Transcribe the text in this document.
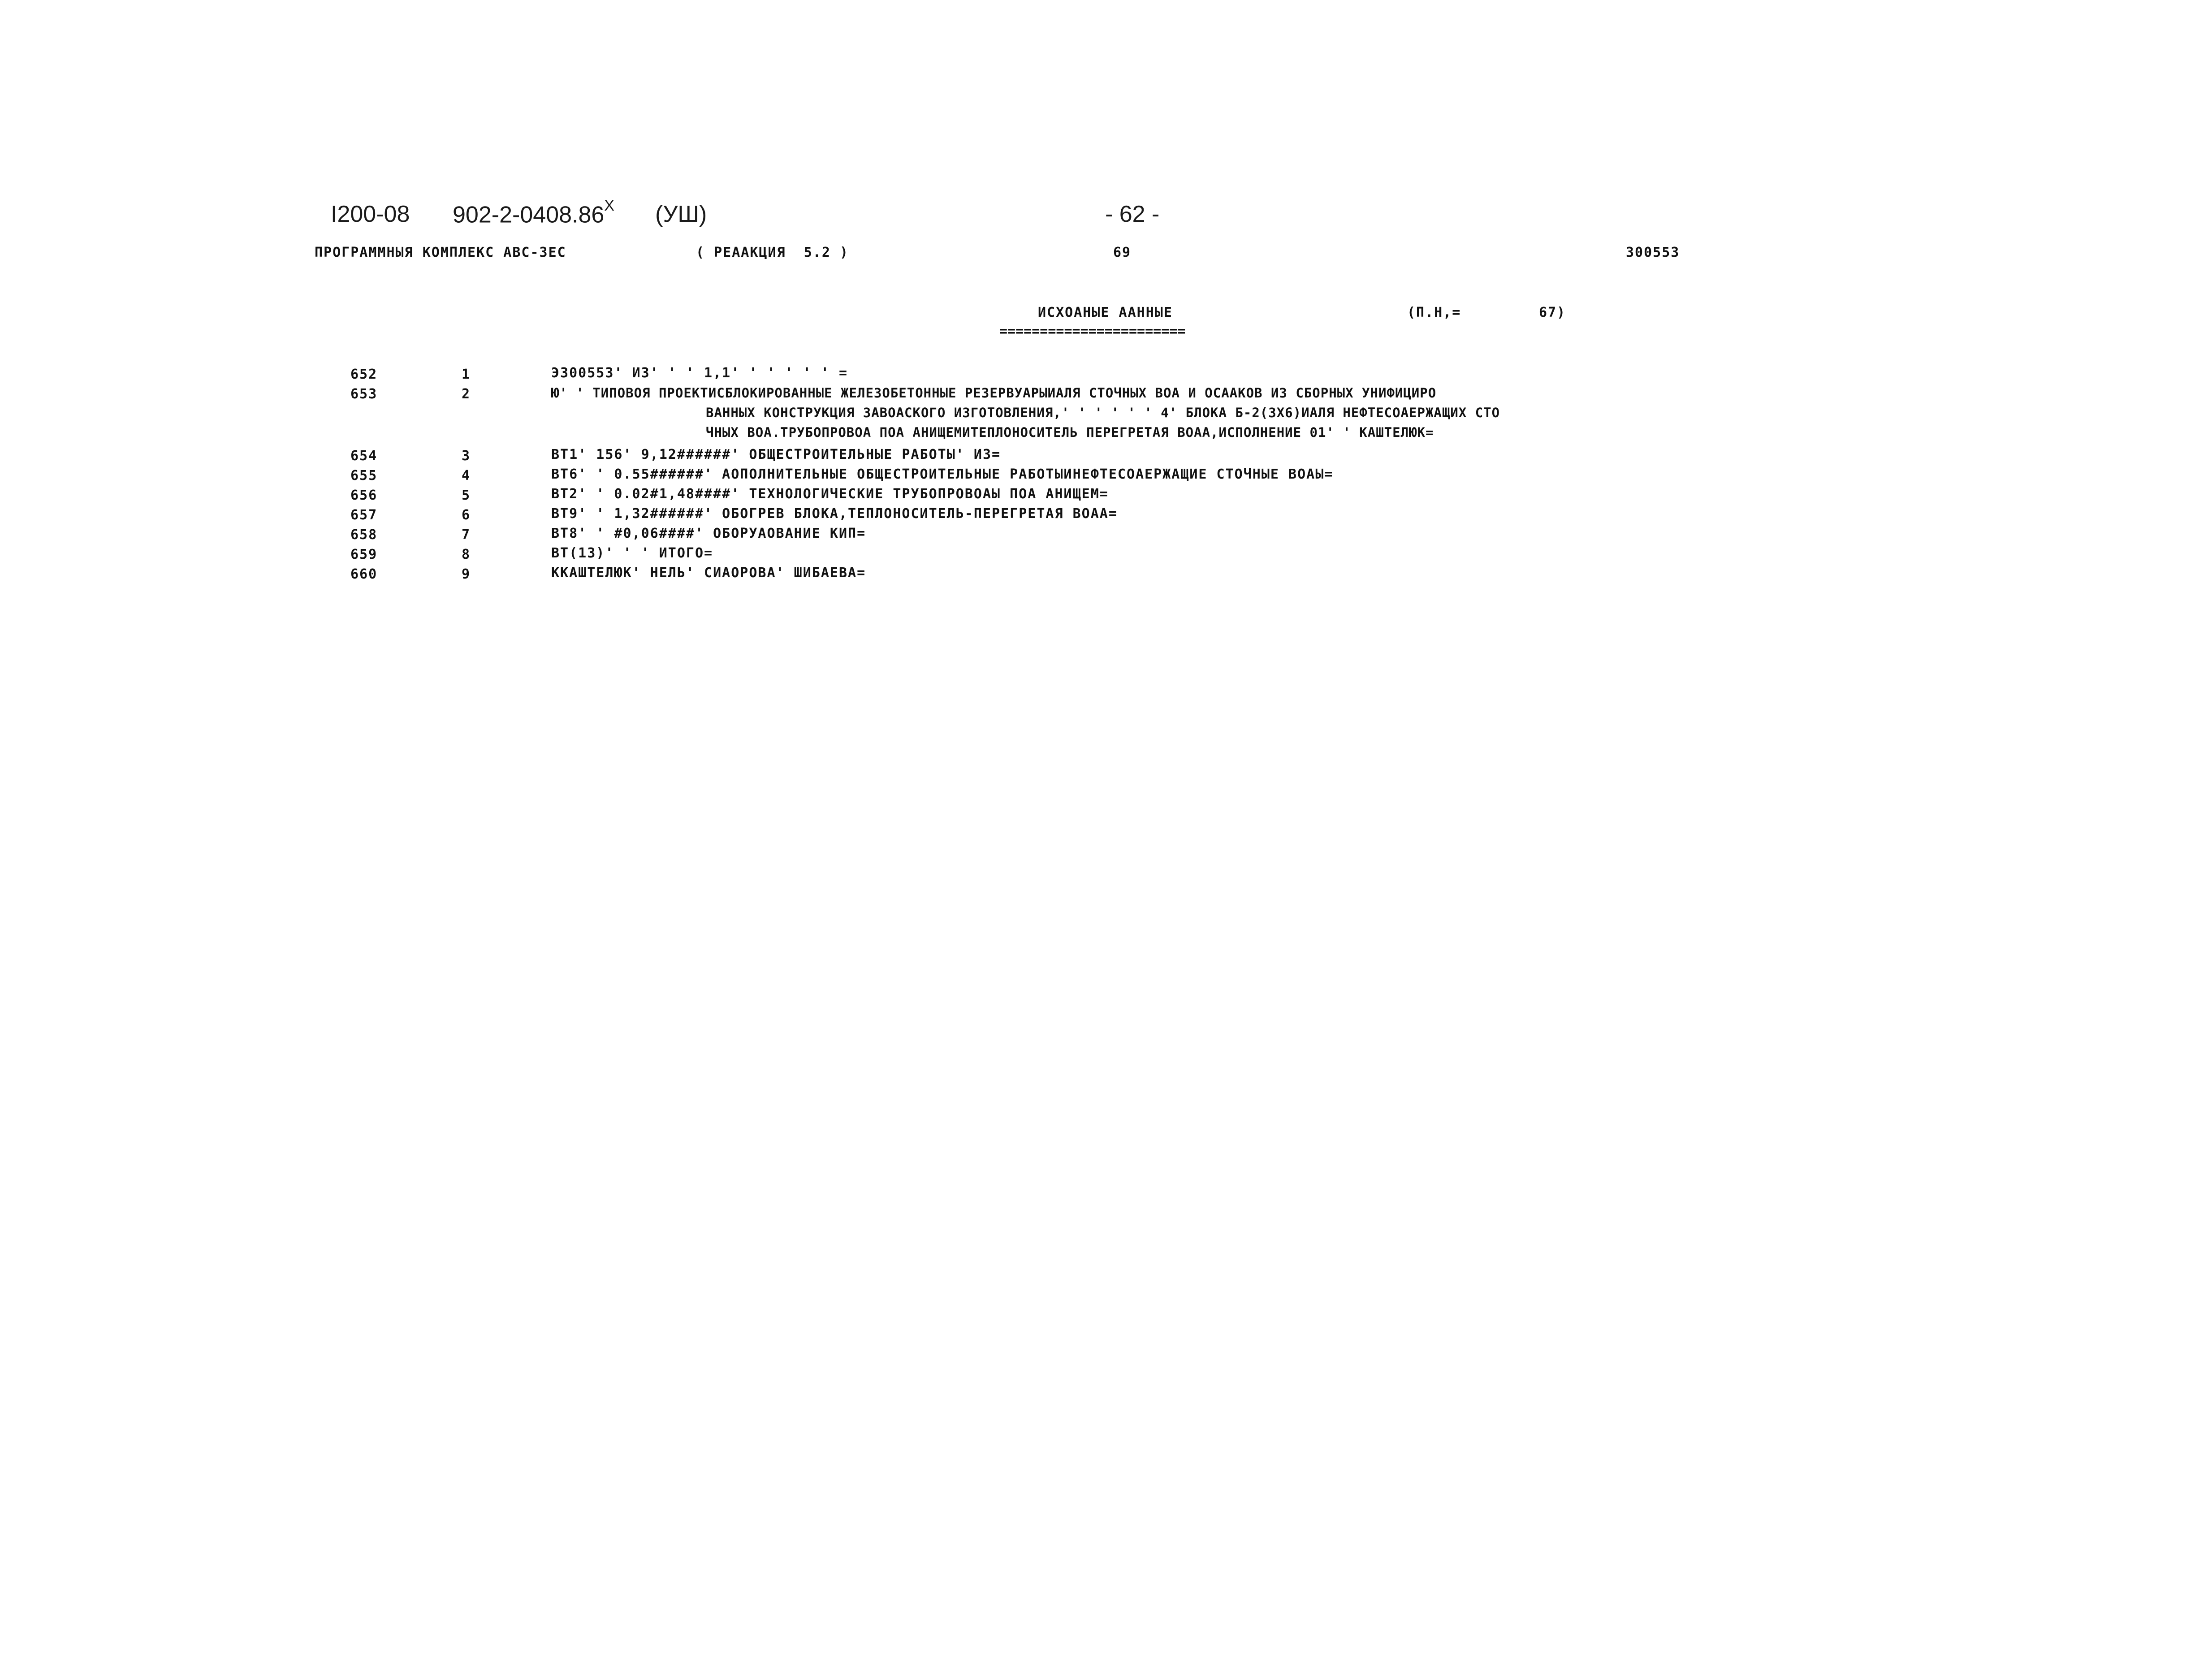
I200-08 $902-2-0408.86^X$ (УШ)	- 62 -
ПРОГРАММНЫЯ КОМПЛЕКС АВС-ЗЕС	( РЕААКЦИЯ  5.2 )	69	300553
ИСХОАНЫЕ ААННЫЕ
=======================
(П.Н,=	67)
652	1	Э300553' ИЗ' ' ' 1,1' ' ' ' ' ' =
653	2	Ю' ' ТИПОВОЯ ПРОЕКТИСБЛОКИРОВАННЫЕ ЖЕЛЕЗОБЕТОННЫЕ РЕЗЕРВУАРЫИАЛЯ СТОЧНЫХ ВОА И ОСААКОВ ИЗ СБОРНЫХ УНИФИЦИРО
ВАННЫХ КОНСТРУКЦИЯ ЗАВОАСКОГО ИЗГОТОВЛЕНИЯ,' ' ' ' ' ' 4' БЛОКА Б-2(3Х6)ИАЛЯ НЕФТЕСОАЕРЖАЩИХ СТО
ЧНЫХ ВОА.ТРУБОПРОВОА ПОА АНИЩЕМИТЕПЛОНОСИТЕЛЬ ПЕРЕГРЕТАЯ ВОАА,ИСПОЛНЕНИЕ 01' ' КАШТЕЛЮК=
654	3	ВТ1' 156' 9,12######' ОБЩЕСТРОИТЕЛЬНЫЕ РАБОТЫ' ИЗ=
655	4	ВТ6' ' 0.55######' АОПОЛНИТЕЛЬНЫЕ ОБЩЕСТРОИТЕЛЬНЫЕ РАБОТЫИНЕФТЕСОАЕРЖАЩИЕ СТОЧНЫЕ ВОАЫ=
656	5	ВТ2' ' 0.02#1,48####' ТЕХНОЛОГИЧЕСКИЕ ТРУБОПРОВОАЫ ПОА АНИЩЕМ=
657	6	ВТ9' ' 1,32######' ОБОГРЕВ БЛОКА,ТЕПЛОНОСИТЕЛЬ-ПЕРЕГРЕТАЯ ВОАА=
658	7	ВТ8' ' #0,06####' ОБОРУАОВАНИЕ КИП=
659	8	ВТ(13)' ' ' ИТОГО=
660	9	ККАШТЕЛЮК' НЕЛЬ' СИАОРОВА' ШИБАЕВА=
